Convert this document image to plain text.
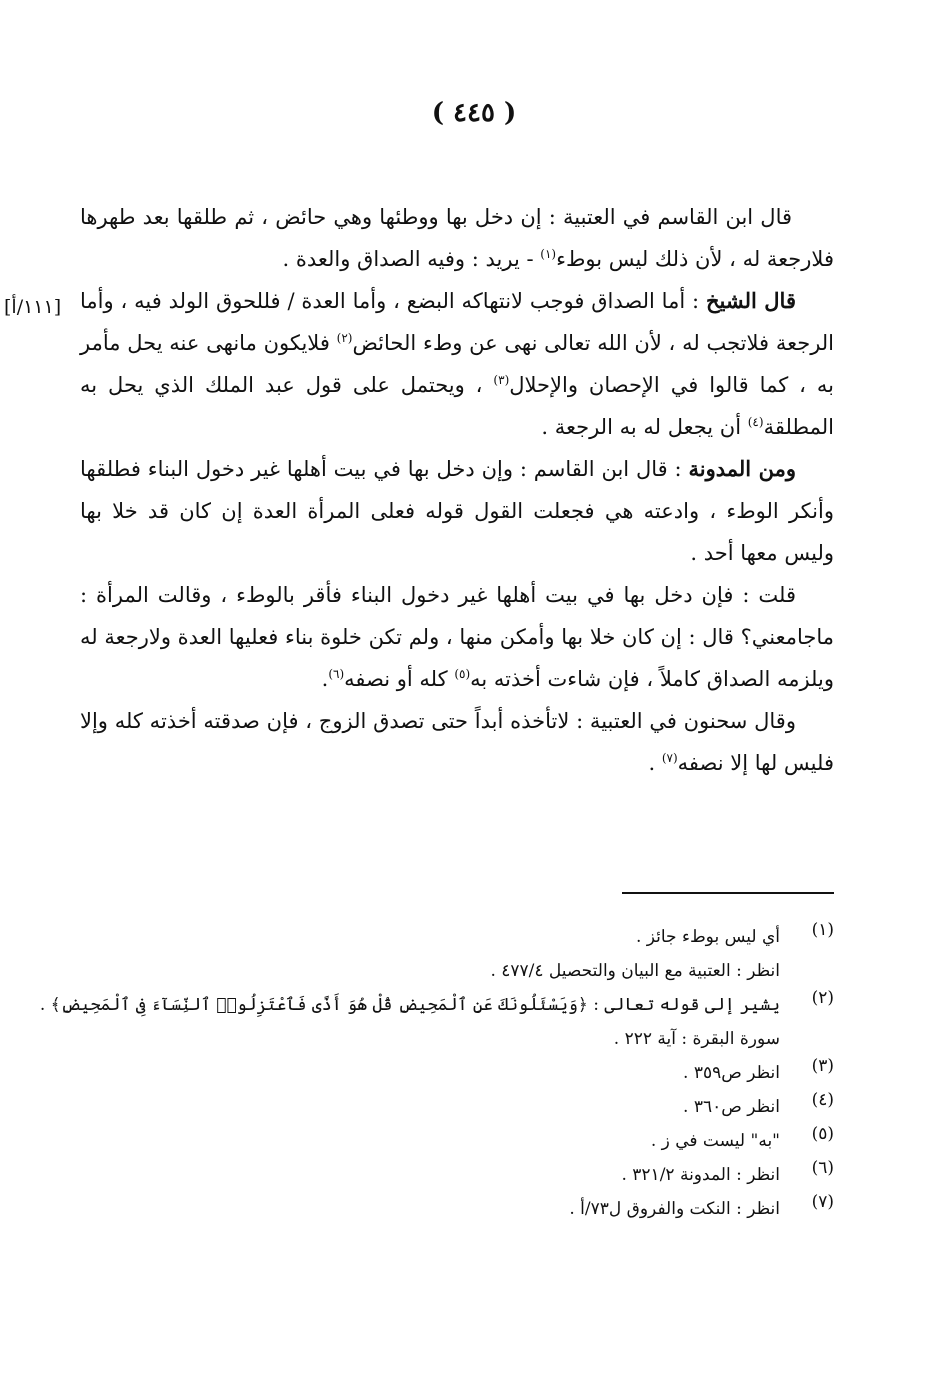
( ٤٤٥ )
[١١١/أ]

قال ابن القاسم في العتبية : إن دخل بها ووطئها وهي حائض ، ثم طلقها بعد طهرها فلارجعة له ، لأن ذلك ليس بوطء$^{(١)}$ - يريد : وفيه الصداق والعدة .

قال الشيخ : أما الصداق فوجب لانتهاكه البضع ، وأما العدة / فللحوق الولد فيه ، وأما الرجعة فلاتجب له ، لأن الله تعالى نهى عن وطء الحائض$^{(٢)}$ فلايكون مانهى عنه يحل مأمر به ، كما قالوا في الإحصان والإحلال$^{(٣)}$ ، ويحتمل على قول عبد الملك الذي يحل به المطلقة$^{(٤)}$ أن يجعل له به الرجعة .

ومن المدونة : قال ابن القاسم : وإن دخل بها في بيت أهلها غير دخول البناء فطلقها وأنكر الوطء ، وادعته هي فجعلت القول قوله فعلى المرأة العدة إن كان قد خلا بها وليس معها أحد .

قلت : فإن دخل بها في بيت أهلها غير دخول البناء فأقر بالوطء ، وقالت المرأة : ماجامعني؟ قال : إن كان خلا بها وأمكن منها ، ولم تكن خلوة بناء فعليها العدة ولارجعة له ويلزمه الصداق كاملاً ، فإن شاءت أخذته به$^{(٥)}$ كله أو نصفه$^{(٦)}$.

وقال سحنون في العتبية : لاتأخذه أبداً حتى تصدق الزوج ، فإن صدقته أخذته كله وإلا فليس لها إلا نصفه$^{(٧)}$ .

(١)
أي ليس بوطء جائز .
انظر : العتبية مع البيان والتحصيل ٤٧٧/٤ .
(٢)
يشير إلى قوله تعالى : ﴿وَيَسْئَلُونَكَ عَنِ ٱلْمَحِيضِ قُلْ هُوَ أَذًى فَٱعْتَزِلُوا۟ ٱلنِّسَآءَ فِى ٱلْمَحِيضِ﴾ .
سورة البقرة : آية ٢٢٢ .
(٣)
انظر ص٣٥٩ .
(٤)
انظر ص٣٦٠ .
(٥)
"به" ليست في ز .
(٦)
انظر : المدونة ٣٢١/٢ .
(٧)
انظر : النكت والفروق ل٧٣/أ .
